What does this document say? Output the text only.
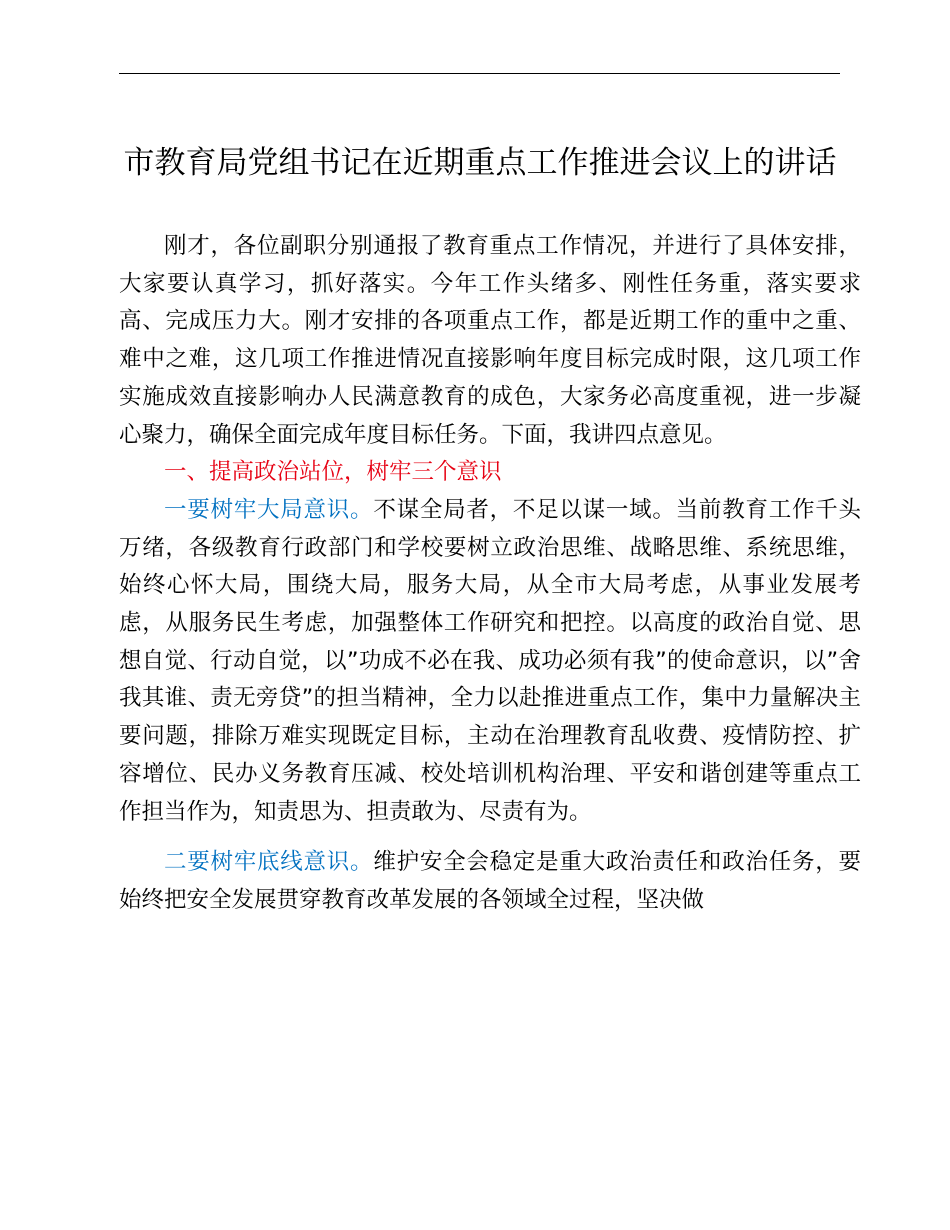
市教育局党组书记在近期重点工作推进会议上的讲话

刚才，各位副职分别通报了教育重点工作情况，并进行了具体安排，大家要认真学习，抓好落实。今年工作头绪多、刚性任务重，落实要求高、完成压力大。刚才安排的各项重点工作，都是近期工作的重中之重、难中之难，这几项工作推进情况直接影响年度目标完成时限，这几项工作实施成效直接影响办人民满意教育的成色，大家务必高度重视，进一步凝心聚力，确保全面完成年度目标任务。下面，我讲四点意见。

一、提高政治站位，树牢三个意识

一要树牢大局意识。不谋全局者，不足以谋一域。当前教育工作千头万绪，各级教育行政部门和学校要树立政治思维、战略思维、系统思维，始终心怀大局，围绕大局，服务大局，从全市大局考虑，从事业发展考虑，从服务民生考虑，加强整体工作研究和把控。以高度的政治自觉、思想自觉、行动自觉，以”功成不必在我、成功必须有我”的使命意识，以”舍我其谁、责无旁贷”的担当精神，全力以赴推进重点工作，集中力量解决主要问题，排除万难实现既定目标，主动在治理教育乱收费、疫情防控、扩容增位、民办义务教育压减、校处培训机构治理、平安和谐创建等重点工作担当作为，知责思为、担责敢为、尽责有为。

二要树牢底线意识。维护安全会稳定是重大政治责任和政治任务，要始终把安全发展贯穿教育改革发展的各领域全过程，坚决做
